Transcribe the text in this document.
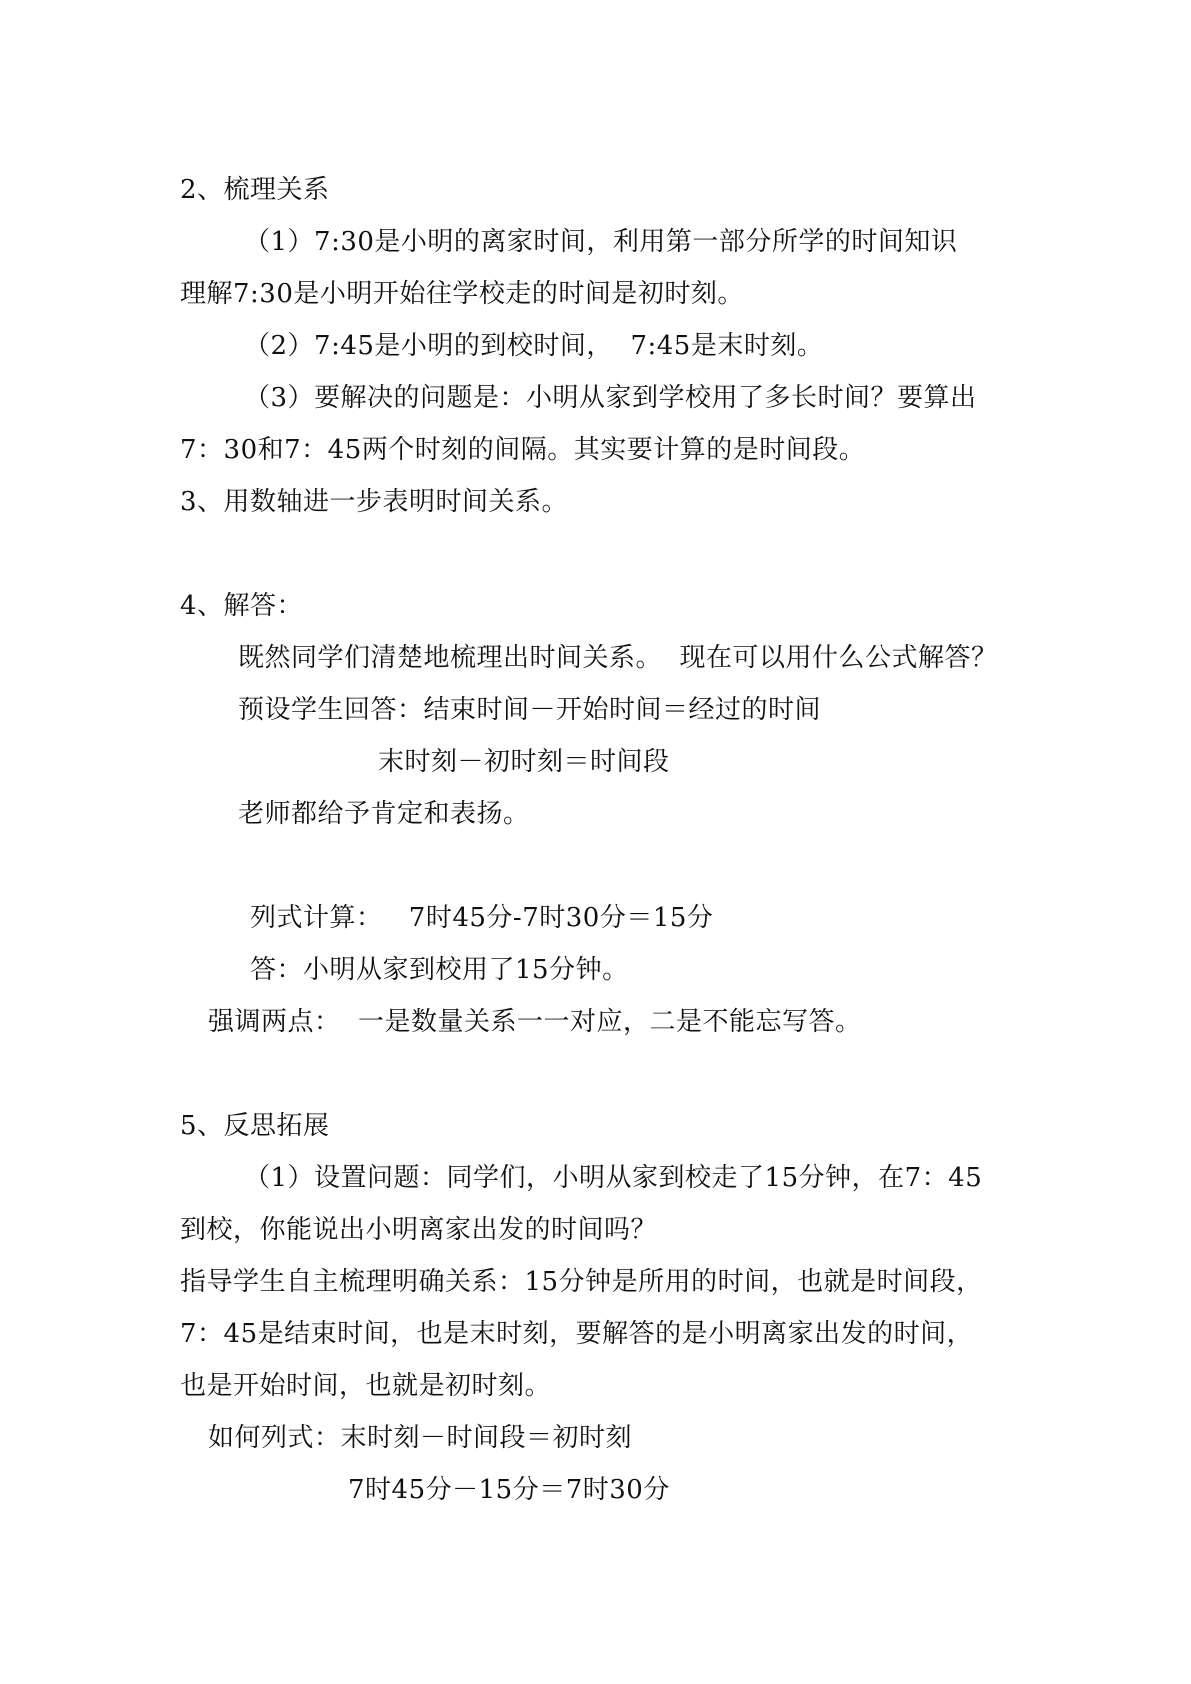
2、梳理关系
（1）7:30是小明的离家时间，利用第一部分所学的时间知识
理解7:30是小明开始往学校走的时间是初时刻。
（2）7:45是小明的到校时间，  7:45是末时刻。
（3）要解决的问题是：小明从家到学校用了多长时间？要算出
7：30和7：45两个时刻的间隔。其实要计算的是时间段。
3、用数轴进一步表明时间关系。
4、解答：
既然同学们清楚地梳理出时间关系。  现在可以用什么公式解答？
预设学生回答：结束时间－开始时间＝经过的时间
末时刻－初时刻＝时间段
老师都给予肯定和表扬。
列式计算：   7时45分-7时30分＝15分
答：小明从家到校用了15分钟。
强调两点：  一是数量关系一一对应，二是不能忘写答。
5、反思拓展
（1）设置问题：同学们，小明从家到校走了15分钟，在7：45
到校，你能说出小明离家出发的时间吗？
指导学生自主梳理明确关系：15分钟是所用的时间，也就是时间段，
7：45是结束时间，也是末时刻，要解答的是小明离家出发的时间，
也是开始时间，也就是初时刻。
如何列式：末时刻－时间段＝初时刻
7时45分－15分＝7时30分
